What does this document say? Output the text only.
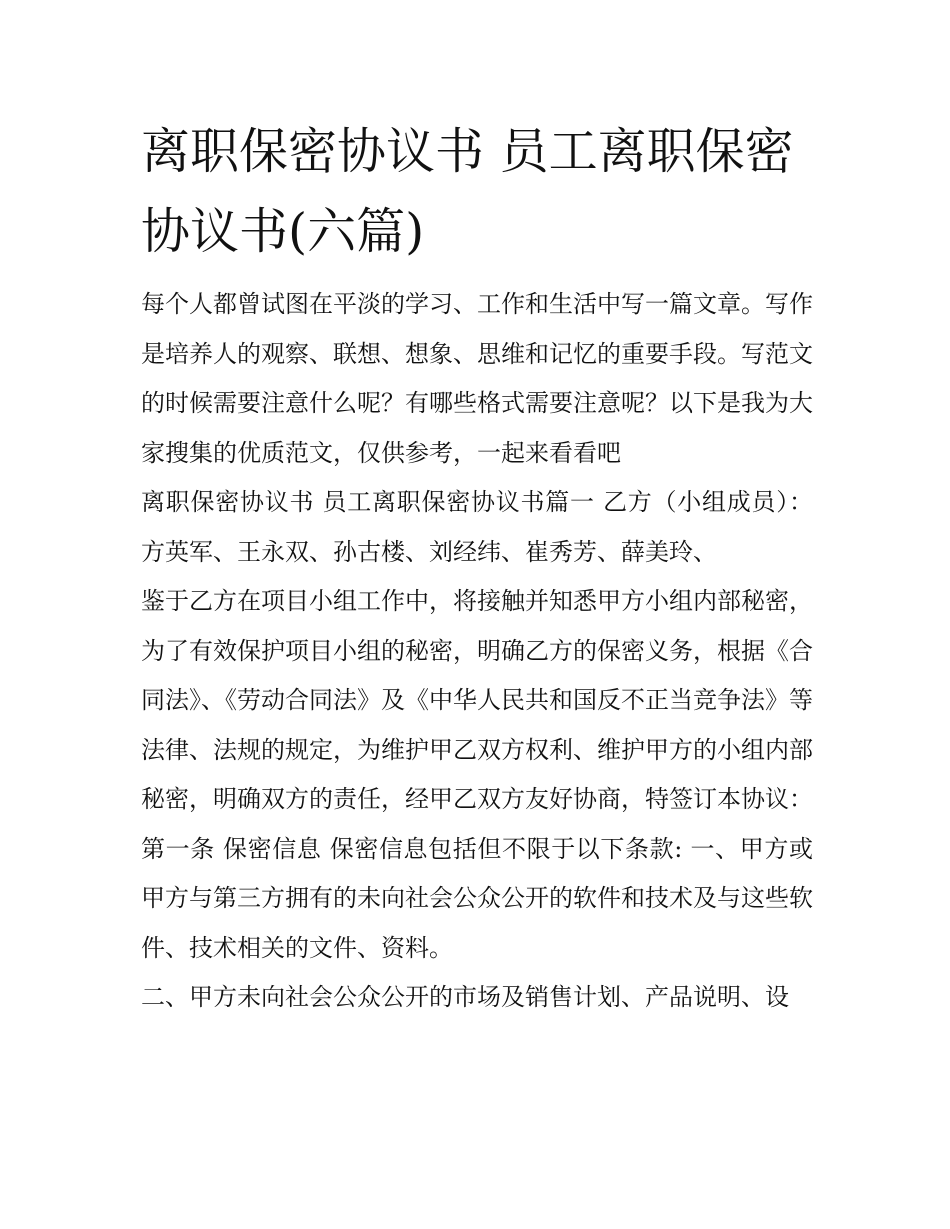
离职保密协议书 员工离职保密协议书(六篇)

每个人都曾试图在平淡的学习、工作和生活中写一篇文章。写作是培养人的观察、联想、想象、思维和记忆的重要手段。写范文的时候需要注意什么呢？有哪些格式需要注意呢？以下是我为大家搜集的优质范文，仅供参考，一起来看看吧

离职保密协议书 员工离职保密协议书篇一 乙方（小组成员）：方英军、王永双、孙古楼、刘经纬、崔秀芳、薛美玲、

鉴于乙方在项目小组工作中，将接触并知悉甲方小组内部秘密，为了有效保护项目小组的秘密，明确乙方的保密义务，根据《合同法》、《劳动合同法》及《中华人民共和国反不正当竞争法》等法律、法规的规定，为维护甲乙双方权利、维护甲方的小组内部秘密，明确双方的责任，经甲乙双方友好协商，特签订本协议：

第一条 保密信息 保密信息包括但不限于以下条款: 一、甲方或甲方与第三方拥有的未向社会公众公开的软件和技术及与这些软件、技术相关的文件、资料。

二、甲方未向社会公众公开的市场及销售计划、产品说明、设
